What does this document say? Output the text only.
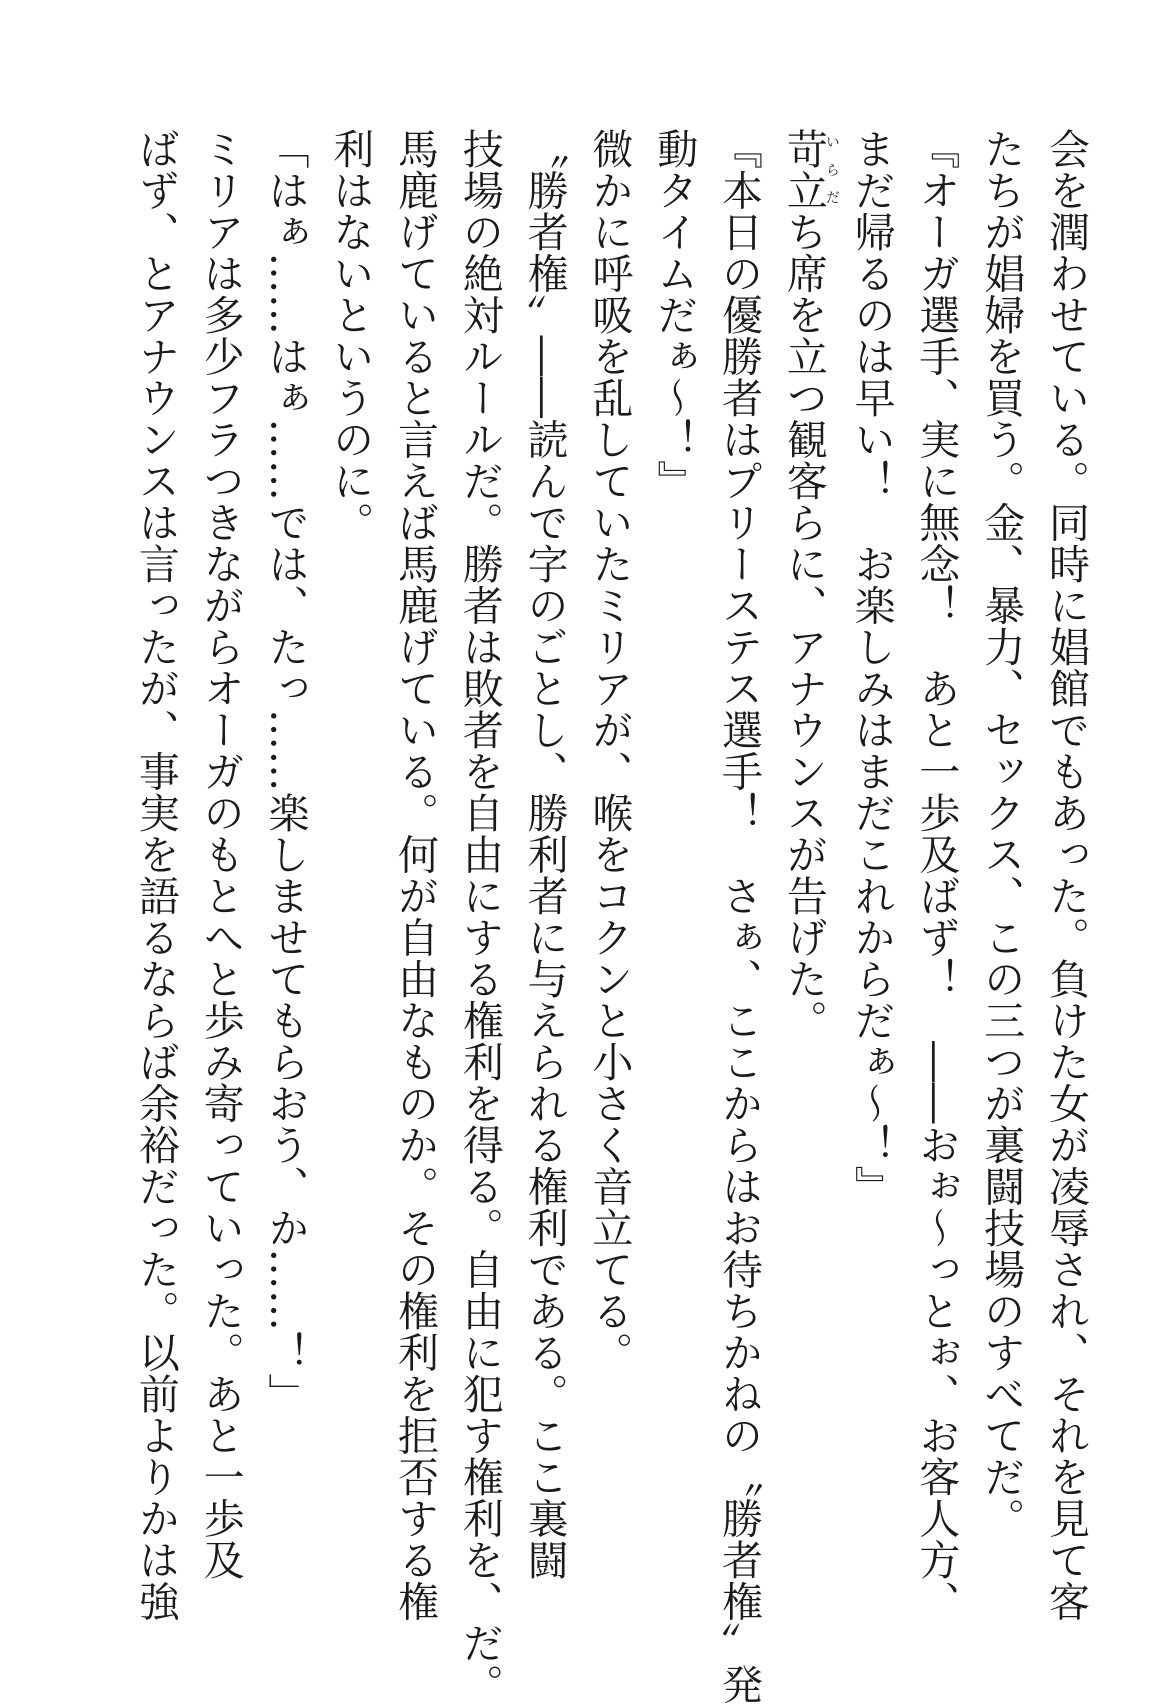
会を潤わせている。同時に娼館でもあった。負けた女が凌辱され、それを見て客

たちが娼婦を買う。金、暴力、セックス、この三つが裏闘技場のすべてだ。

『オーガ選手、実に無念！　あと一歩及ばず！　――おぉ〜っとぉ、お客人方、

まだ帰るのは早い！　お楽しみはまだこれからだぁ〜！』

苛立いらだち席を立つ観客らに、アナウンスが告げた。

『本日の優勝者はプリーステス選手！　さぁ、ここからはお待ちかねの〝勝者権〟発

動タイムだぁ〜！』

微かに呼吸を乱していたミリアが、喉をコクンと小さく音立てる。

〝勝者権〟――読んで字のごとし、勝利者に与えられる権利である。ここ裏闘

技場の絶対ルールだ。勝者は敗者を自由にする権利を得る。自由に犯す権利を、だ。

馬鹿げていると言えば馬鹿げている。何が自由なものか。その権利を拒否する権

利はないというのに。

「はぁ……はぁ……では、たっ……楽しませてもらおう、か……！」

ミリアは多少フラつきながらオーガのもとへと歩み寄っていった。あと一歩及

ばず、とアナウンスは言ったが、事実を語るならば余裕だった。以前よりかは強
